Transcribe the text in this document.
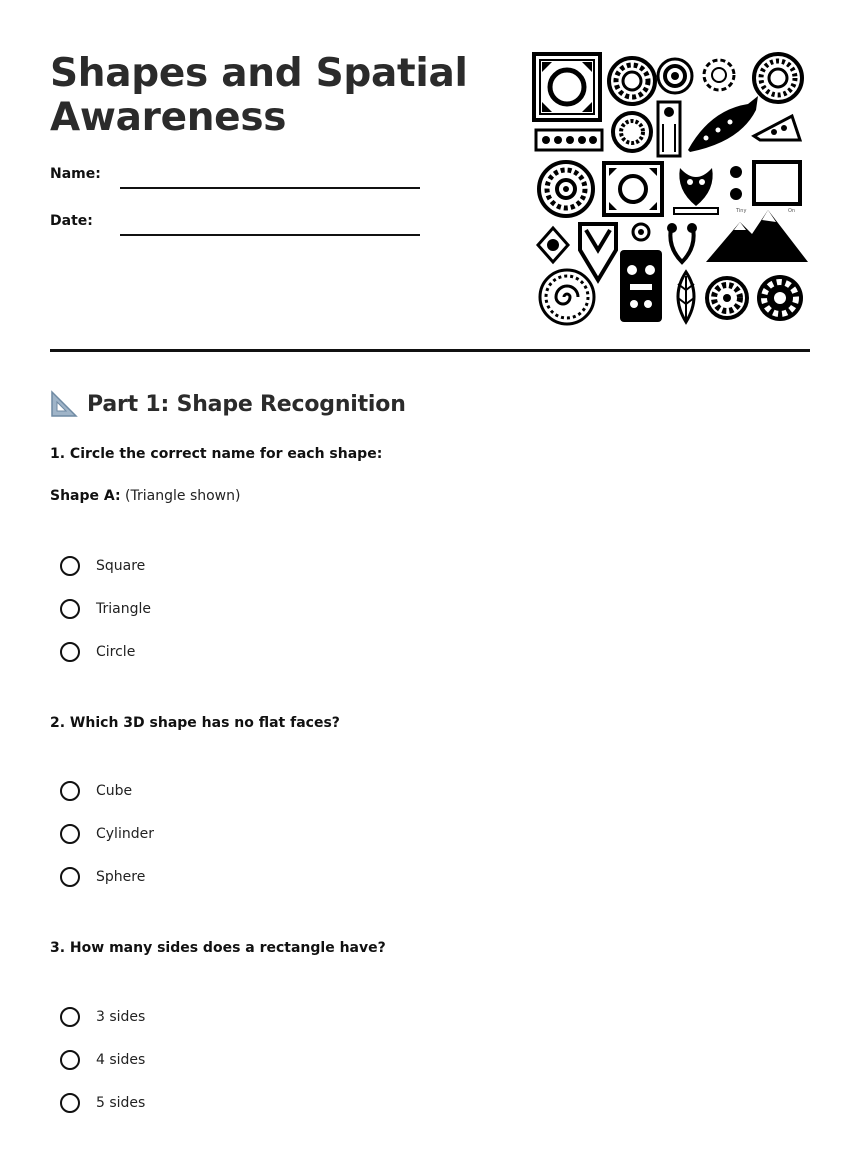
Shapes and Spatial Awareness
Name:
Date:
Tiny	On
Part 1: Shape Recognition

1. Circle the correct name for each shape:

Shape A: (Triangle shown)

Square
Triangle
Circle

2. Which 3D shape has no flat faces?

Cube
Cylinder
Sphere

3. How many sides does a rectangle have?

3 sides
4 sides
5 sides
